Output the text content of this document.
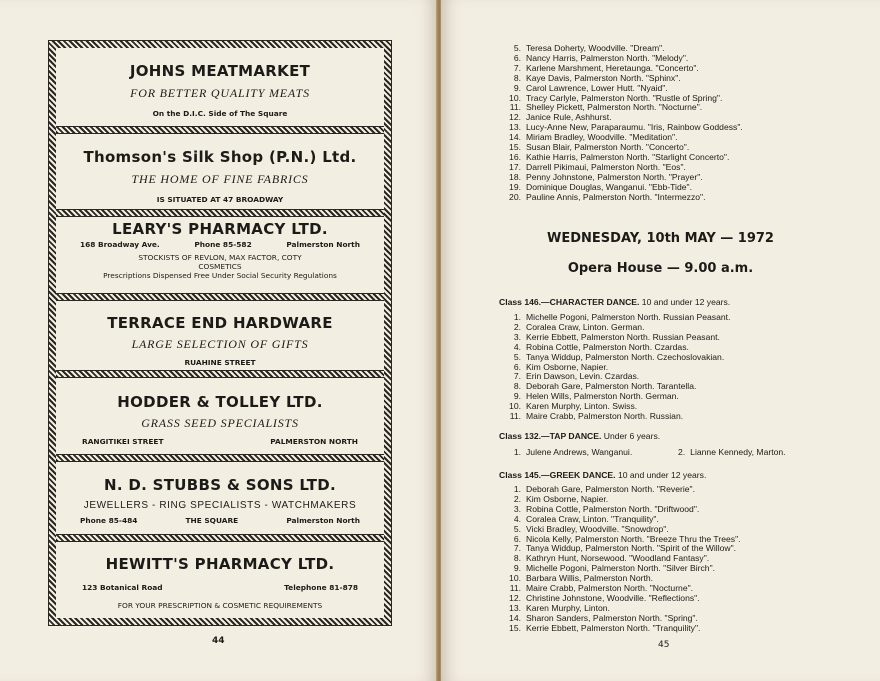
JOHNS MEATMARKET
FOR BETTER QUALITY MEATS
On the D.I.C. Side of The Square
Thomson's Silk Shop (P.N.) Ltd.
THE HOME OF FINE FABRICS
IS SITUATED AT 47 BROADWAY
LEARY'S PHARMACY LTD.
168 Broadway Ave.	Phone 85-582	Palmerston North
STOCKISTS OF REVLON, MAX FACTOR, COTY
COSMETICS
Prescriptions Dispensed Free Under Social Security Regulations
TERRACE END HARDWARE
LARGE SELECTION OF GIFTS
RUAHINE STREET
HODDER & TOLLEY LTD.
GRASS SEED SPECIALISTS
RANGITIKEI STREET	PALMERSTON NORTH
N. D. STUBBS & SONS LTD.
JEWELLERS - RING SPECIALISTS - WATCHMAKERS
Phone 85-484	THE SQUARE	Palmerston North
HEWITT'S PHARMACY LTD.
123 Botanical Road	Telephone 81-878
FOR YOUR PRESCRIPTION & COSMETIC REQUIREMENTS
44
5. Teresa Doherty, Woodville. "Dream".
6. Nancy Harris, Palmerston North. "Melody".
7. Karlene Marshment, Heretaunga. "Concerto".
8. Kaye Davis, Palmerston North. "Sphinx".
9. Carol Lawrence, Lower Hutt. "Nyaid".
10. Tracy Carlyle, Palmerston North. "Rustle of Spring".
11. Shelley Pickett, Palmerston North. "Nocturne".
12. Janice Rule, Ashhurst.
13. Lucy-Anne New, Paraparaumu. "Iris, Rainbow Goddess".
14. Miriam Bradley, Woodville. "Meditation".
15. Susan Blair, Palmerston North. "Concerto".
16. Kathie Harris, Palmerston North. "Starlight Concerto".
17. Darrell Pikimaui, Palmerston North. "Eos".
18. Penny Johnstone, Palmerston North. "Prayer".
19. Dominique Douglas, Wanganui. "Ebb-Tide".
20. Pauline Annis, Palmerston North. "Intermezzo".
WEDNESDAY, 10th MAY — 1972
Opera House — 9.00 a.m.
Class 146.—CHARACTER DANCE. 10 and under 12 years.
1. Michelle Pogoni, Palmerston North. Russian Peasant.
2. Coralea Craw, Linton. German.
3. Kerrie Ebbett, Palmerston North. Russian Peasant.
4. Robina Cottle, Palmerston North. Czardas.
5. Tanya Widdup, Palmerston North. Czechoslovakian.
6. Kim Osborne, Napier.
7. Erin Dawson, Levin. Czardas.
8. Deborah Gare, Palmerston North. Tarantella.
9. Helen Wills, Palmerston North. German.
10. Karen Murphy, Linton. Swiss.
11. Maire Crabb, Palmerston North. Russian.
Class 132.—TAP DANCE. Under 6 years.
1. Julene Andrews, Wanganui.	2. Lianne Kennedy, Marton.
Class 145.—GREEK DANCE. 10 and under 12 years.
1. Deborah Gare, Palmerston North. "Reverie".
2. Kim Osborne, Napier.
3. Robina Cottle, Palmerston North. "Driftwood".
4. Coralea Craw, Linton. "Tranquility".
5. Vicki Bradley, Woodville. "Snowdrop".
6. Nicola Kelly, Palmerston North. "Breeze Thru the Trees".
7. Tanya Widdup, Palmerston North. "Spirit of the Willow".
8. Kathryn Hunt, Norsewood. "Woodland Fantasy".
9. Michelle Pogoni, Palmerston North. "Silver Birch".
10. Barbara Willis, Palmerston North.
11. Maire Crabb, Palmerston North. "Nocturne".
12. Christine Johnstone, Woodville. "Reflections".
13. Karen Murphy, Linton.
14. Sharon Sanders, Palmerston North. "Spring".
15. Kerrie Ebbett, Palmerston North. "Tranquility".
45
